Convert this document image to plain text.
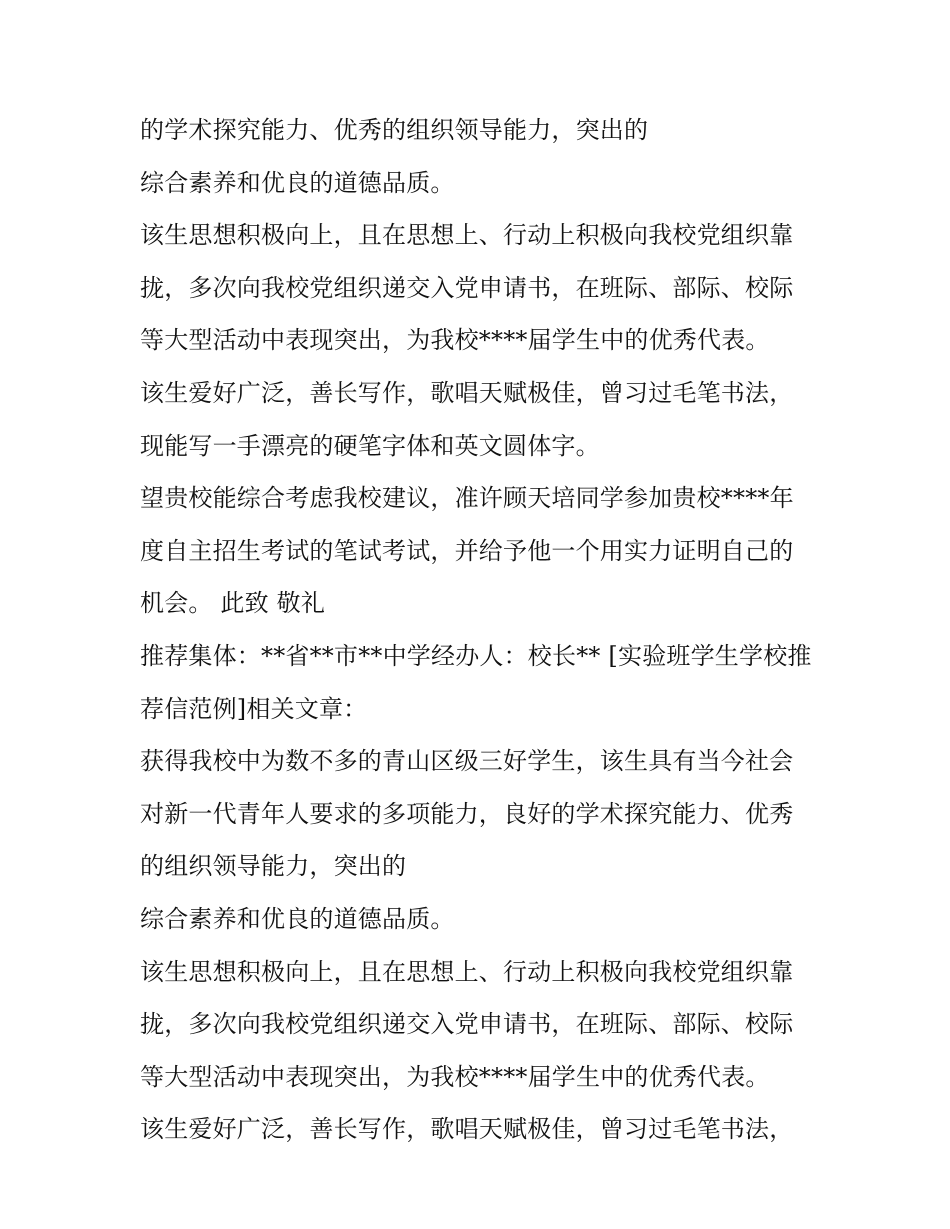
的学术探究能力、优秀的组织领导能力，突出的
综合素养和优良的道德品质。
该生思想积极向上，且在思想上、行动上积极向我校党组织靠
拢，多次向我校党组织递交入党申请书，在班际、部际、校际
等大型活动中表现突出，为我校****届学生中的优秀代表。
该生爱好广泛，善长写作，歌唱天赋极佳，曾习过毛笔书法，
现能写一手漂亮的硬笔字体和英文圆体字。
望贵校能综合考虑我校建议，准许顾天培同学参加贵校****年
度自主招生考试的笔试考试，并给予他一个用实力证明自己的
机会。 此致 敬礼
推荐集体：**省**市**中学经办人：校长** [实验班学生学校推
荐信范例]相关文章：
获得我校中为数不多的青山区级三好学生，该生具有当今社会
对新一代青年人要求的多项能力，良好的学术探究能力、优秀
的组织领导能力，突出的
综合素养和优良的道德品质。
该生思想积极向上，且在思想上、行动上积极向我校党组织靠
拢，多次向我校党组织递交入党申请书，在班际、部际、校际
等大型活动中表现突出，为我校****届学生中的优秀代表。
该生爱好广泛，善长写作，歌唱天赋极佳，曾习过毛笔书法，
